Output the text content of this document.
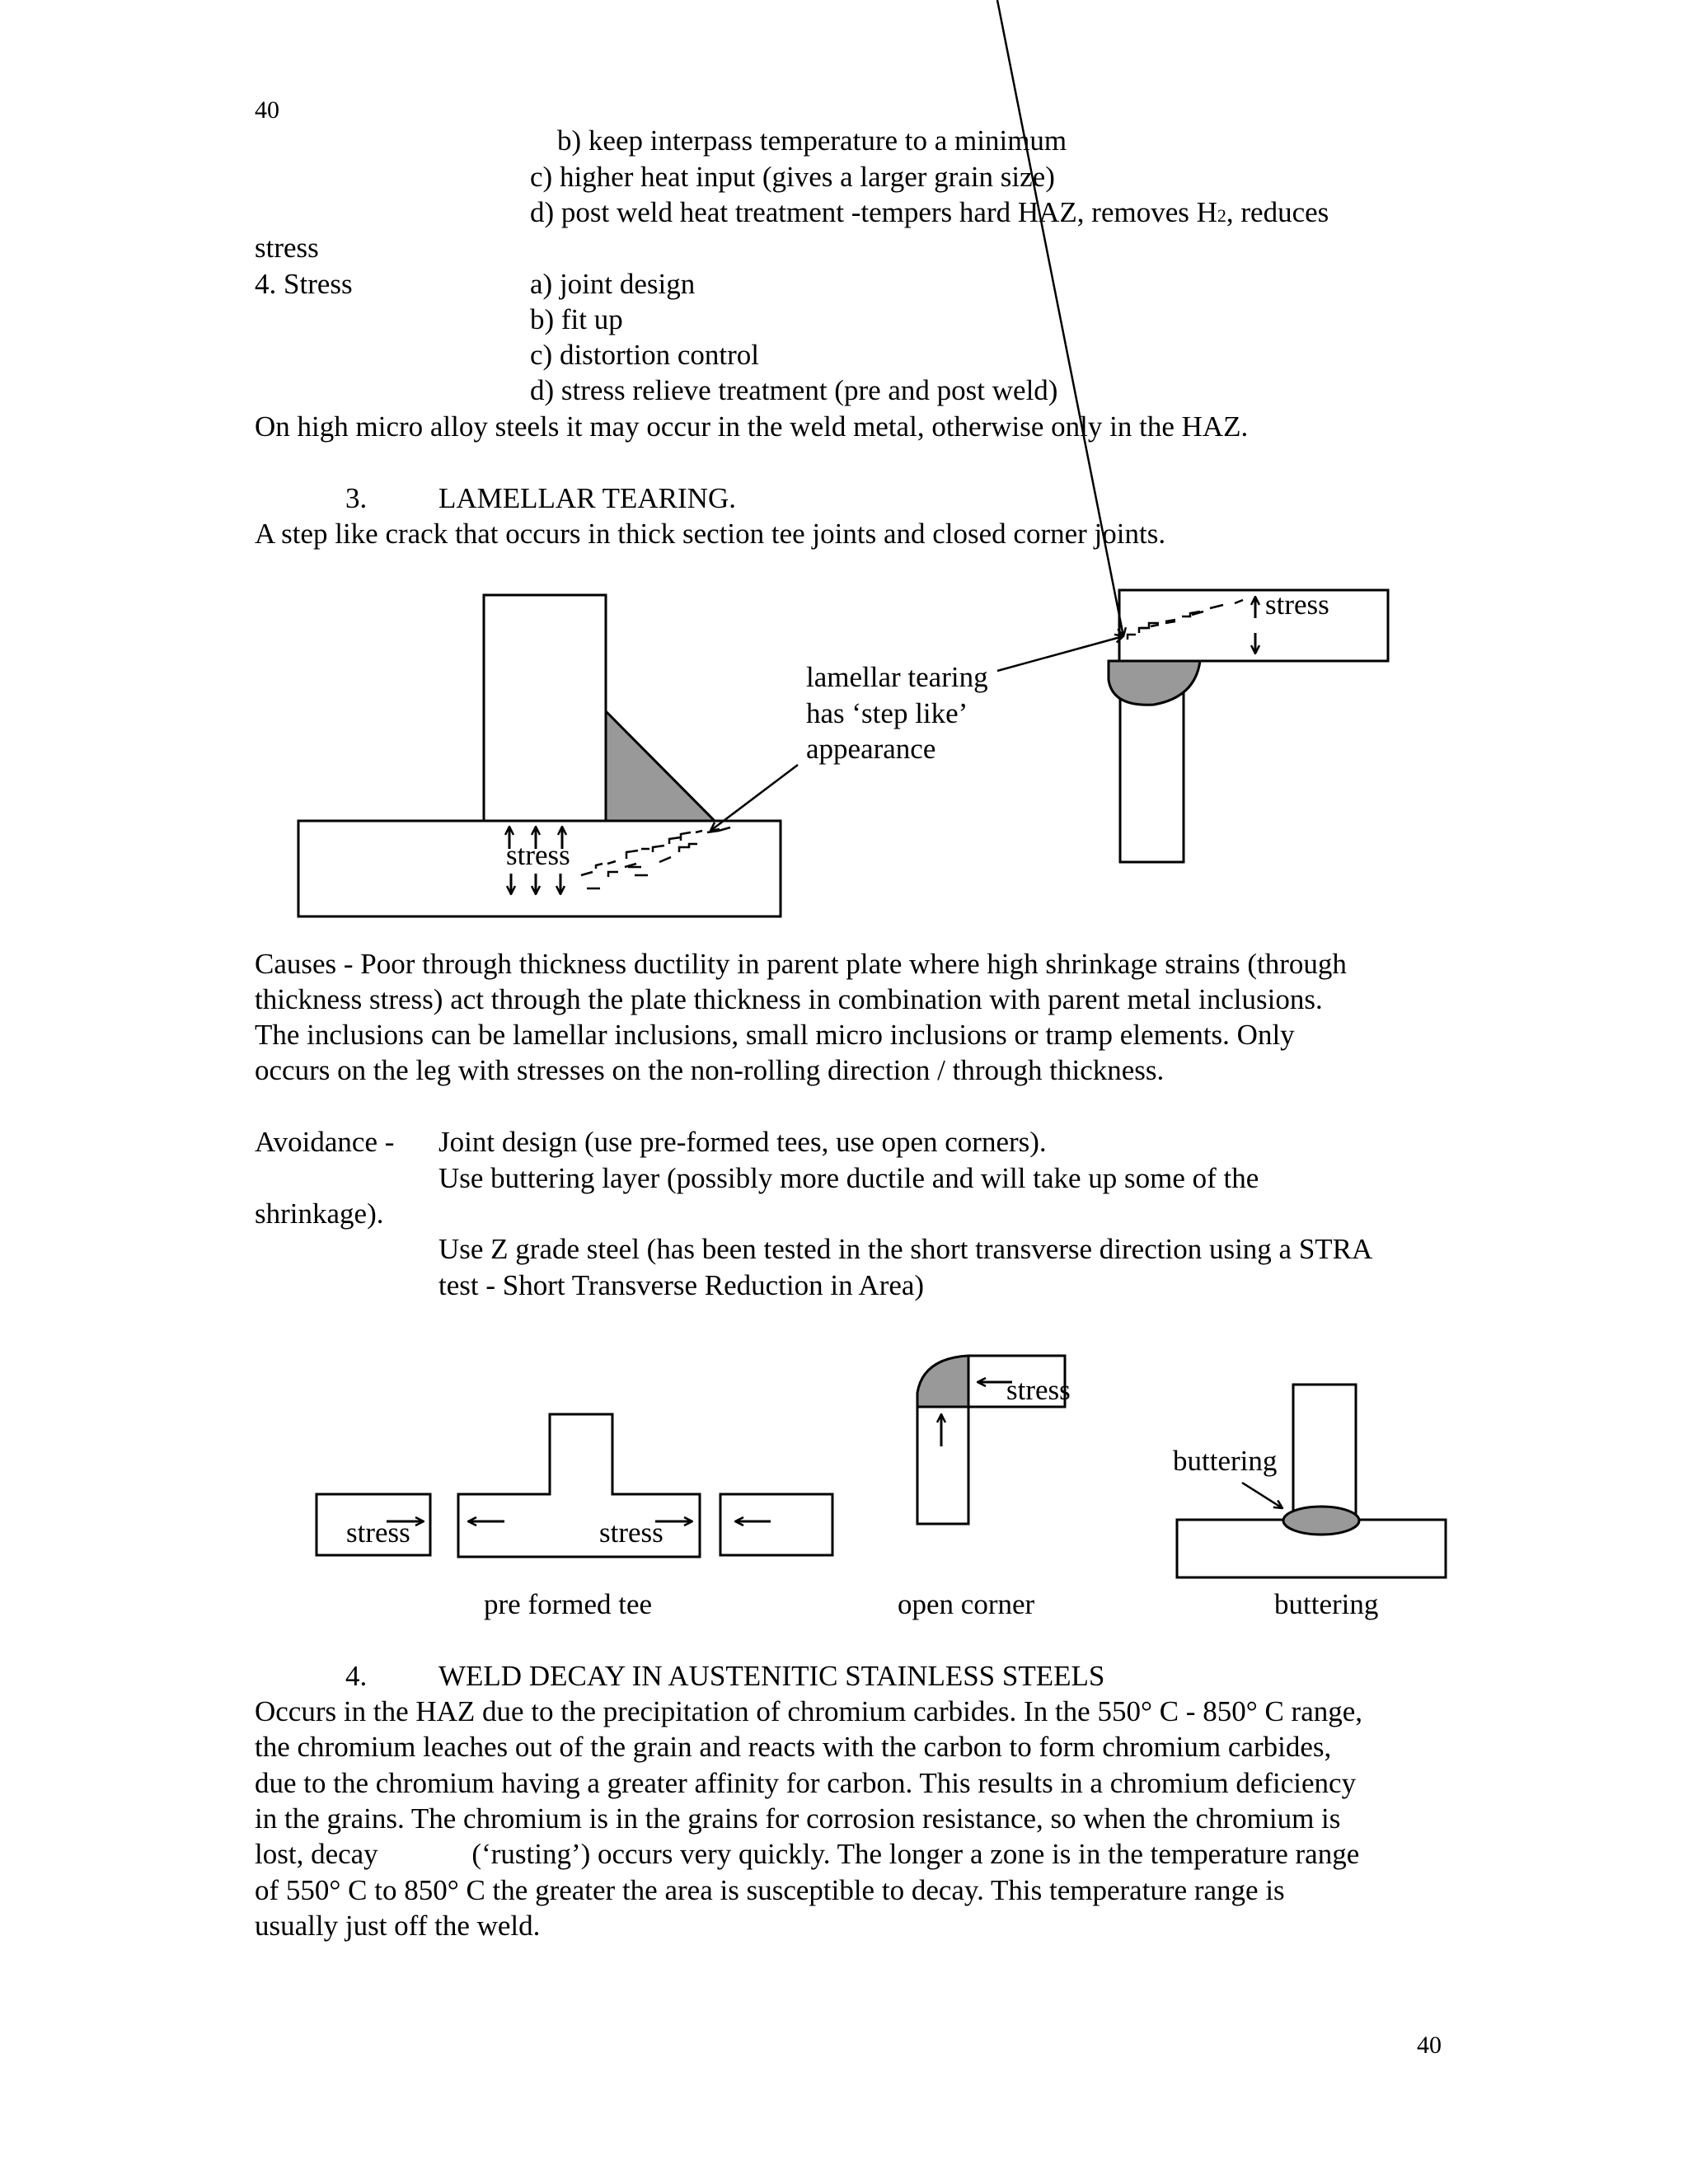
40
b) keep interpass temperature to a minimum
c) higher heat input (gives a larger grain size)
d) post weld heat treatment -tempers hard HAZ, removes H2, reduces
stress
4. Stress	a) joint design
b) fit up
c) distortion control
d) stress relieve treatment (pre and post weld)
On high micro alloy steels it may occur in the weld metal, otherwise only in the HAZ.
3. LAMELLAR TEARING.
A step like crack that occurs in thick section tee joints and closed corner joints.
stress
stress
lamellar tearing
has ‘step like’
appearance
Causes - Poor through thickness ductility in parent plate where high shrinkage strains (through
thickness stress) act through the plate thickness in combination with parent metal inclusions.
The inclusions can be lamellar inclusions, small micro inclusions or tramp elements. Only
occurs on the leg with stresses on the non-rolling direction / through thickness.
Avoidance - Joint design (use pre-formed tees, use open corners).
Use buttering layer (possibly more ductile and will take up some of the
shrinkage).
Use Z grade steel (has been tested in the short transverse direction using a STRA
test - Short Transverse Reduction in Area)
stress	stress
stress
buttering
pre formed tee	open corner	buttering
4. WELD DECAY IN AUSTENITIC STAINLESS STEELS
Occurs in the HAZ due to the precipitation of chromium carbides. In the 550° C - 850° C range,
the chromium leaches out of the grain and reacts with the carbon to form chromium carbides,
due to the chromium having a greater affinity for carbon. This results in a chromium deficiency
in the grains. The chromium is in the grains for corrosion resistance, so when the chromium is
lost, decay             (‘rusting’) occurs very quickly. The longer a zone is in the temperature range
of 550° C to 850° C the greater the area is susceptible to decay. This temperature range is
usually just off the weld.
40
